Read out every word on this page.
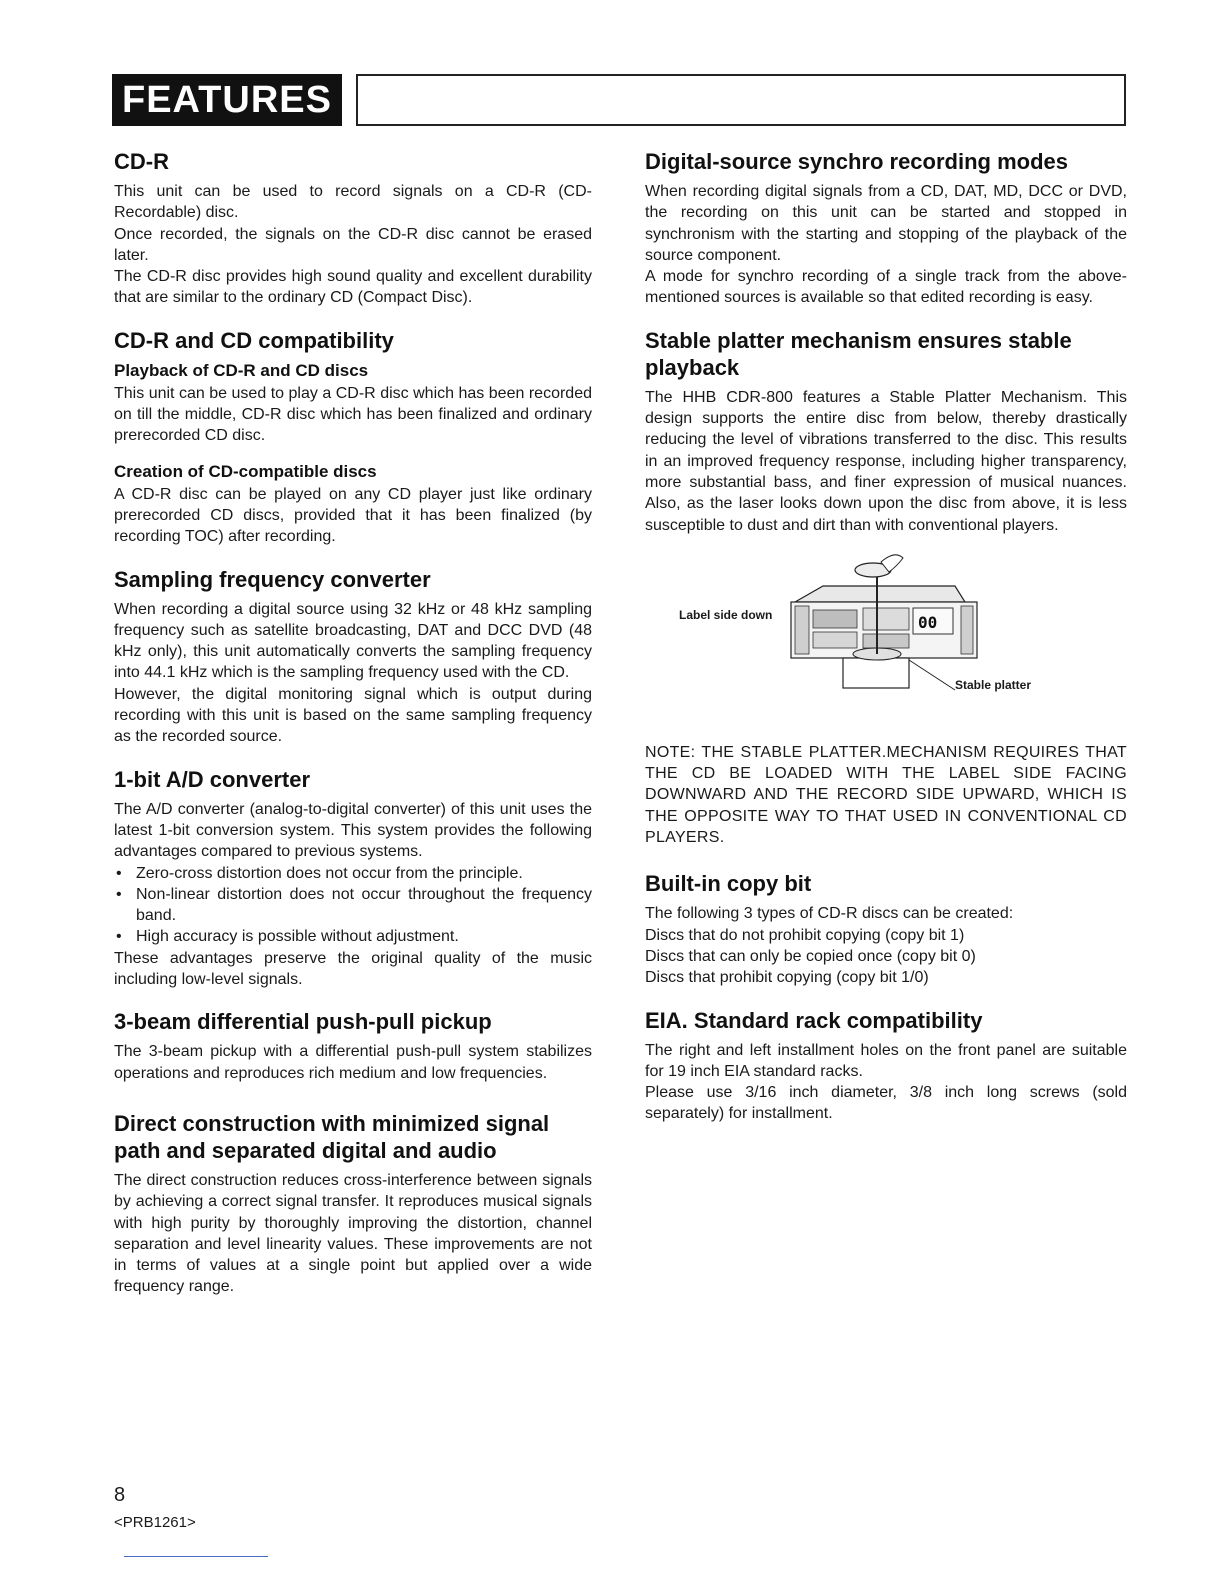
FEATURES
CD-R

This unit can be used to record signals on a CD-R (CD-Recordable) disc.

Once recorded, the signals on the CD-R disc cannot be erased later.

The CD-R disc provides high sound quality and excellent durability that are similar to the ordinary CD (Compact Disc).

CD-R and CD compatibility
Playback of CD-R and CD discs

This unit can be used to play a CD-R disc which has been recorded on till the middle, CD-R disc which has been finalized and ordinary prerecorded CD disc.

Creation of CD-compatible discs

A CD-R disc can be played on any CD player just like ordinary prerecorded CD discs, provided that it has been finalized (by recording TOC) after recording.

Sampling frequency converter

When recording a digital source using 32 kHz or 48 kHz sampling frequency such as satellite broadcasting, DAT and DCC DVD (48 kHz only), this unit automatically converts the sampling frequency into 44.1 kHz which is the sampling frequency used with the CD.

However, the digital monitoring signal which is output during recording with this unit is based on the same sampling frequency as the recorded source.

1-bit A/D converter

The A/D converter (analog-to-digital converter) of this unit uses the latest 1-bit conversion system. This system provides the following advantages compared to previous systems.

• Zero-cross distortion does not occur from the principle.
• Non-linear distortion does not occur throughout the frequency band.
• High accuracy is possible without adjustment.

These advantages preserve the original quality of the music including low-level signals.

3-beam differential push-pull pickup

The 3-beam pickup with a differential push-pull system stabilizes operations and reproduces rich medium and low frequencies.

Direct construction with minimized signal path and separated digital and audio

The direct construction reduces cross-interference between signals by achieving a correct signal transfer. It reproduces musical signals with high purity by thoroughly improving the distortion, channel separation and level linearity values. These improvements are not in terms of values at a single point but applied over a wide frequency range.

Digital-source synchro recording modes

When recording digital signals from a CD, DAT, MD, DCC or DVD, the recording on this unit can be started and stopped in synchronism with the starting and stopping of the playback of the source component.

A mode for synchro recording of a single track from the above-mentioned sources is available so that edited recording is easy.

Stable platter mechanism ensures stable playback

The HHB CDR-800 features a Stable Platter Mechanism. This design supports the entire disc from below, thereby drastically reducing the level of vibrations transferred to the disc. This results in an improved frequency response, including higher transparency, more substantial bass, and finer expression of musical nuances. Also, as the laser looks down upon the disc from above, it is less susceptible to dust and dirt than with conventional players.

Label side down	00
Stable platter

NOTE: THE STABLE PLATTER.MECHANISM REQUIRES THAT THE CD BE LOADED WITH THE LABEL SIDE FACING DOWNWARD AND THE RECORD SIDE UPWARD, WHICH IS THE OPPOSITE WAY TO THAT USED IN CONVENTIONAL CD PLAYERS.

Built-in copy bit

The following 3 types of CD-R discs can be created:

Discs that do not prohibit copying (copy bit 1)

Discs that can only be copied once (copy bit 0)

Discs that prohibit copying (copy bit 1/0)

EIA. Standard rack compatibility

The right and left installment holes on the front panel are suitable for 19 inch EIA standard racks.

Please use 3/16 inch diameter, 3/8 inch long screws (sold separately) for installment.

8
<PRB1261>
